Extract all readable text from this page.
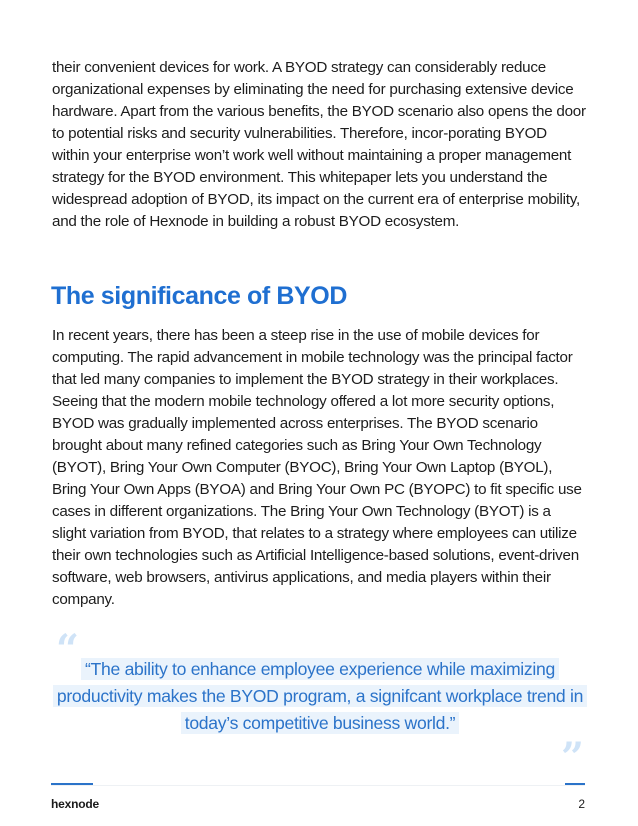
their convenient devices for work. A BYOD strategy can considerably reduce organizational expenses by eliminating the need for purchasing extensive device hardware. Apart from the various benefits, the BYOD scenario also opens the door to potential risks and security vulnerabilities. Therefore, incor-porating BYOD within your enterprise won’t work well without maintaining a proper management strategy for the BYOD environment. This whitepaper lets you understand the widespread adoption of BYOD, its impact on the current era of enterprise mobility, and the role of Hexnode in building a robust BYOD ecosystem.

The significance of BYOD

In recent years, there has been a steep rise in the use of mobile devices for computing. The rapid advancement in mobile technology was the principal factor that led many companies to implement the BYOD strategy in their workplaces. Seeing that the modern mobile technology offered a lot more security options, BYOD was gradually implemented across enterprises. The BYOD scenario brought about many refined categories such as Bring Your Own Technology (BYOT), Bring Your Own Computer (BYOC), Bring Your Own Laptop (BYOL), Bring Your Own Apps (BYOA) and Bring Your Own PC (BYOPC) to fit specific use cases in different organizations. The Bring Your Own Technology (BYOT) is a slight variation from BYOD, that relates to a strategy where employees can utilize their own technologies such as Artificial Intelligence-based solutions, event-driven software, web browsers, antivirus applications, and media players within their company.

“ “The ability to enhance employee experience while maximizing productivity makes the BYOD program, a signifcant workplace trend in today’s competitive business world.”

”
hexnode	2
